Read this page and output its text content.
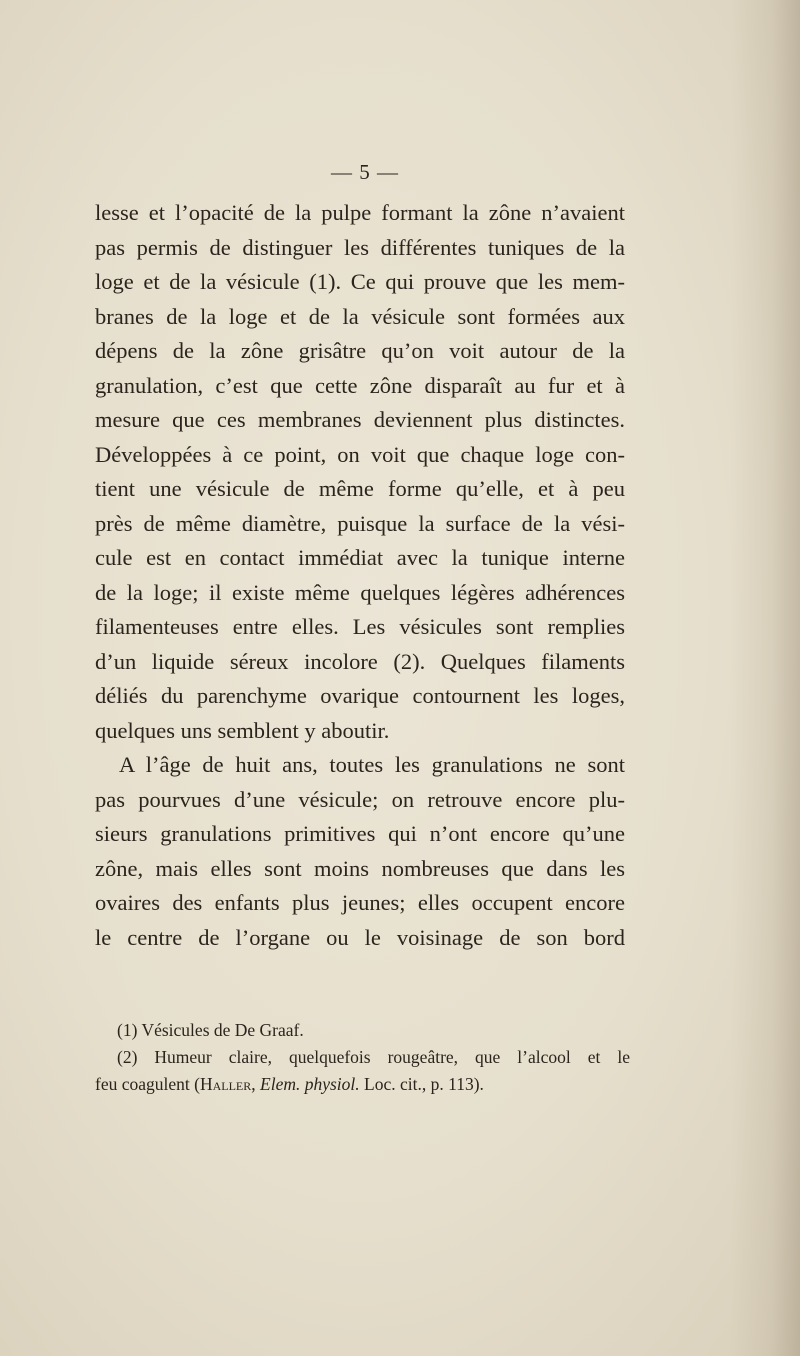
— 5 —
lesse et l’opacité de la pulpe formant la zône n’avaient
pas permis de distinguer les différentes tuniques de la
loge et de la vésicule (1). Ce qui prouve que les mem-
branes de la loge et de la vésicule sont formées aux
dépens de la zône grisâtre qu’on voit autour de la
granulation, c’est que cette zône disparaît au fur et à
mesure que ces membranes deviennent plus distinctes.
Développées à ce point, on voit que chaque loge con-
tient une vésicule de même forme qu’elle, et à peu
près de même diamètre, puisque la surface de la vési-
cule est en contact immédiat avec la tunique interne
de la loge; il existe même quelques légères adhérences
filamenteuses entre elles. Les vésicules sont remplies
d’un liquide séreux incolore (2). Quelques filaments
déliés du parenchyme ovarique contournent les loges,
quelques uns semblent y aboutir.
A l’âge de huit ans, toutes les granulations ne sont
pas pourvues d’une vésicule; on retrouve encore plu-
sieurs granulations primitives qui n’ont encore qu’une
zône, mais elles sont moins nombreuses que dans les
ovaires des enfants plus jeunes; elles occupent encore
le centre de l’organe ou le voisinage de son bord
(1) Vésicules de De Graaf.
(2) Humeur claire, quelquefois rougeâtre, que l’alcool et le
feu coagulent (Haller, Elem. physiol. Loc. cit., p. 113).
